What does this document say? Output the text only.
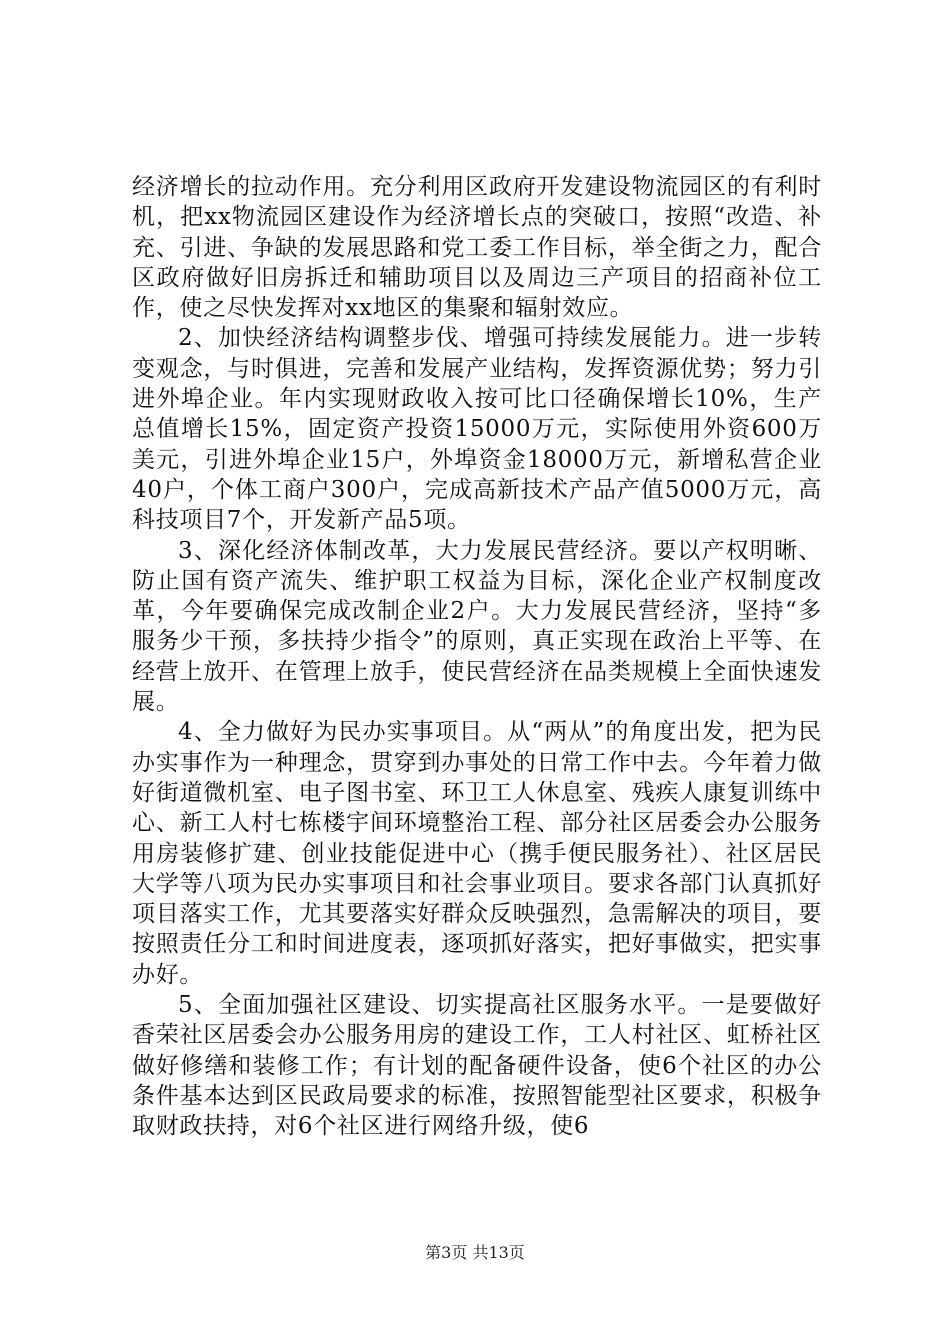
经济增长的拉动作用。充分利用区政府开发建设物流园区的有利时机，把xx物流园区建设作为经济增长点的突破口，按照“改造、补充、引进、争缺的发展思路和党工委工作目标，举全街之力，配合区政府做好旧房拆迁和辅助项目以及周边三产项目的招商补位工作，使之尽快发挥对xx地区的集聚和辐射效应。

2、加快经济结构调整步伐、增强可持续发展能力。进一步转变观念，与时俱进，完善和发展产业结构，发挥资源优势；努力引进外埠企业。年内实现财政收入按可比口径确保增长10%，生产总值增长15%，固定资产投资15000万元，实际使用外资600万美元，引进外埠企业15户，外埠资金18000万元，新增私营企业40户，个体工商户300户，完成高新技术产品产值5000万元，高科技项目7个，开发新产品5项。

3、深化经济体制改革，大力发展民营经济。要以产权明晰、防止国有资产流失、维护职工权益为目标，深化企业产权制度改革，今年要确保完成改制企业2户。大力发展民营经济，坚持“多服务少干预，多扶持少指令”的原则，真正实现在政治上平等、在经营上放开、在管理上放手，使民营经济在品类规模上全面快速发展。

4、全力做好为民办实事项目。从“两从”的角度出发，把为民办实事作为一种理念，贯穿到办事处的日常工作中去。今年着力做好街道微机室、电子图书室、环卫工人休息室、残疾人康复训练中心、新工人村七栋楼宇间环境整治工程、部分社区居委会办公服务用房装修扩建、创业技能促进中心（携手便民服务社）、社区居民大学等八项为民办实事项目和社会事业项目。要求各部门认真抓好项目落实工作，尤其要落实好群众反映强烈，急需解决的项目，要按照责任分工和时间进度表，逐项抓好落实，把好事做实，把实事办好。

5、全面加强社区建设、切实提高社区服务水平。一是要做好香荣社区居委会办公服务用房的建设工作，工人村社区、虹桥社区做好修缮和装修工作；有计划的配备硬件设备，使6个社区的办公条件基本达到区民政局要求的标准，按照智能型社区要求，积极争取财政扶持，对6个社区进行网络升级，使6

第3页 共13页
